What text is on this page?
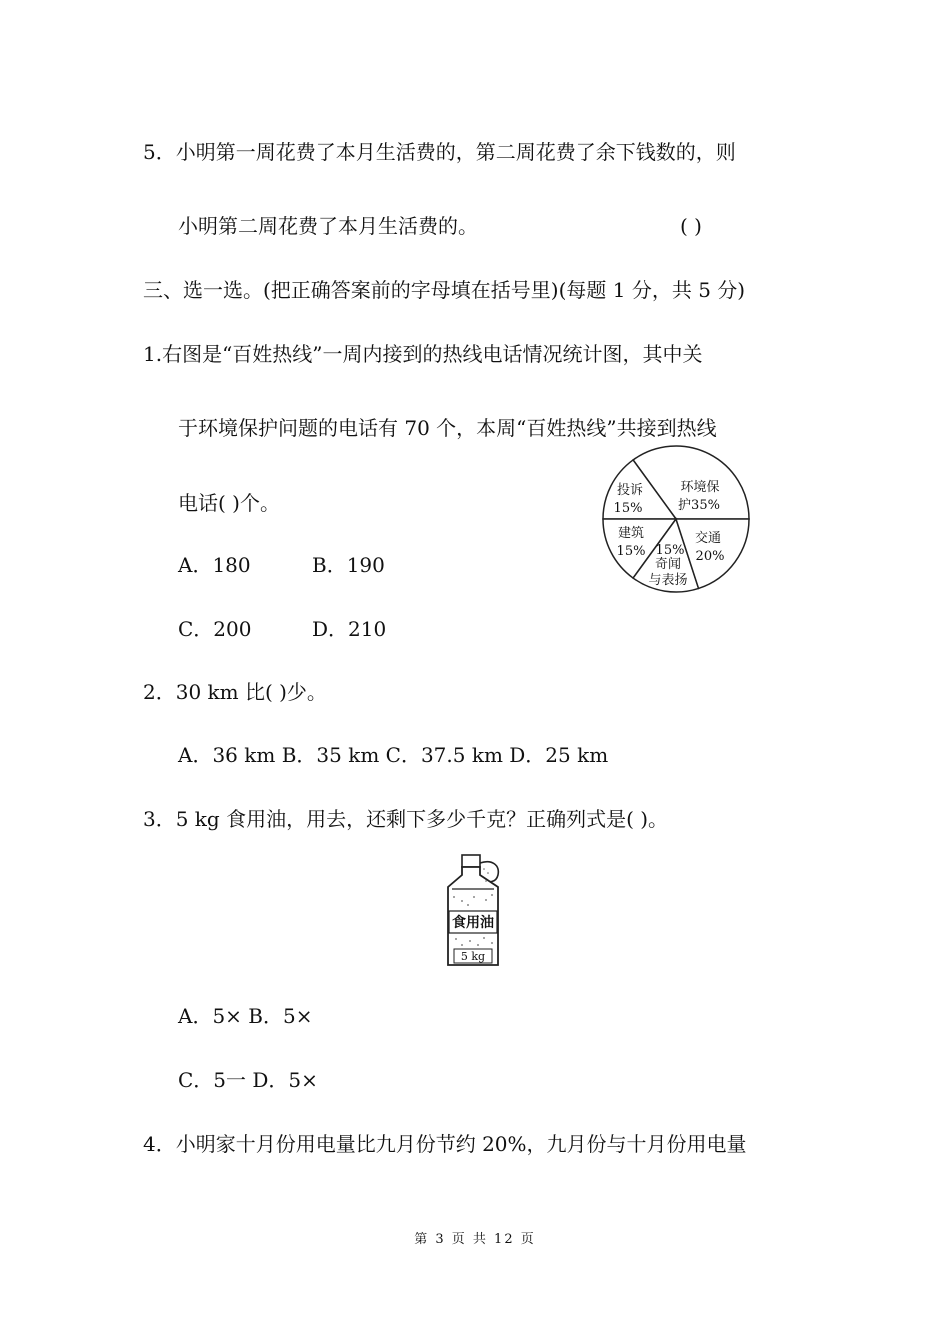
5．小明第一周花费了本月生活费的，第二周花费了余下钱数的，则
小明第二周花费了本月生活费的。	( )
三、选一选。(把正确答案前的字母填在括号里)(每题 1 分，共 5 分)
1.右图是“百姓热线”一周内接到的热线电话情况统计图，其中关
于环境保护问题的电话有 70 个，本周“百姓热线”共接到热线
电话( )个。
A．180	B．190
C．200	D．210
环境保
护35%
交通
20%
15%
奇闻
与表扬
建筑
15%
投诉
15%
2．30 km 比( )少。
A．36 km B．35 km C．37.5 km D．25 km
3．5 kg 食用油，用去，还剩下多少千克？正确列式是( )。
食用油
5 kg
A．5× B．5×
C．5一 D．5×
4．小明家十月份用电量比九月份节约 20%，九月份与十月份用电量
第 3 页 共 12 页
